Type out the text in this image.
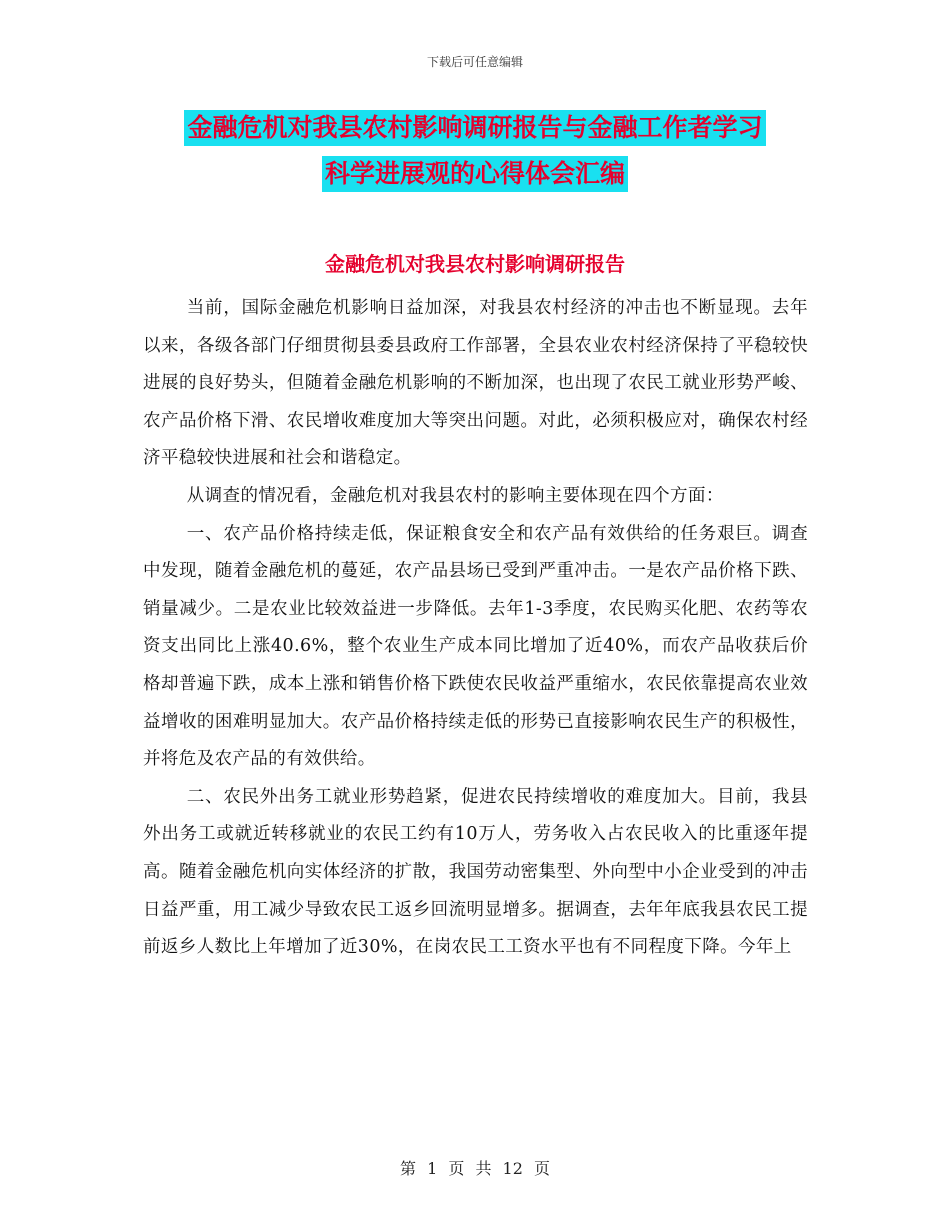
下载后可任意编辑
金融危机对我县农村影响调研报告与金融工作者学习

科学进展观的心得体会汇编
金融危机对我县农村影响调研报告

当前，国际金融危机影响日益加深，对我县农村经济的冲击也不断显现。去年以来，各级各部门仔细贯彻县委县政府工作部署，全县农业农村经济保持了平稳较快进展的良好势头，但随着金融危机影响的不断加深，也出现了农民工就业形势严峻、农产品价格下滑、农民增收难度加大等突出问题。对此，必须积极应对，确保农村经济平稳较快进展和社会和谐稳定。

从调查的情况看，金融危机对我县农村的影响主要体现在四个方面：

一、农产品价格持续走低，保证粮食安全和农产品有效供给的任务艰巨。调查中发现，随着金融危机的蔓延，农产品县场已受到严重冲击。一是农产品价格下跌、销量减少。二是农业比较效益进一步降低。去年1-3季度，农民购买化肥、农药等农资支出同比上涨40.6%，整个农业生产成本同比增加了近40%，而农产品收获后价格却普遍下跌，成本上涨和销售价格下跌使农民收益严重缩水，农民依靠提高农业效益增收的困难明显加大。农产品价格持续走低的形势已直接影响农民生产的积极性，并将危及农产品的有效供给。

二、农民外出务工就业形势趋紧，促进农民持续增收的难度加大。目前，我县外出务工或就近转移就业的农民工约有10万人，劳务收入占农民收入的比重逐年提高。随着金融危机向实体经济的扩散，我国劳动密集型、外向型中小企业受到的冲击日益严重，用工减少导致农民工返乡回流明显增多。据调查，去年年底我县农民工提前返乡人数比上年增加了近30%，在岗农民工工资水平也有不同程度下降。今年上

第 1 页 共 12 页
